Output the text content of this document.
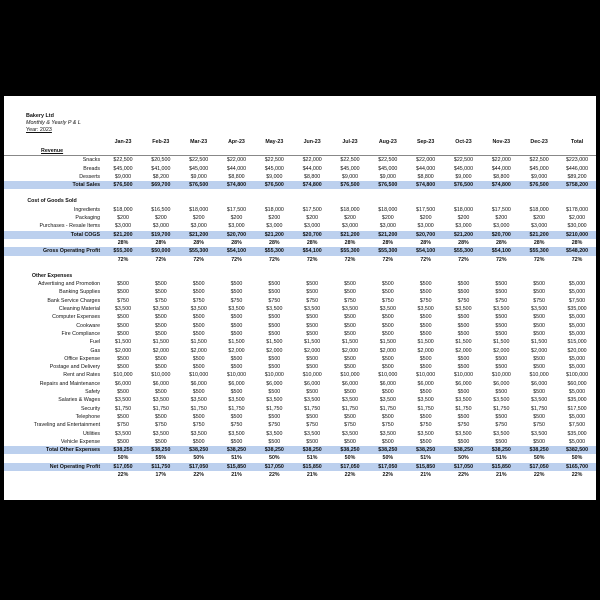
Bakery Ltd
Monthly & Yearly P & L
Year: 2023
	Jan-23	Feb-23	Mar-23	Apr-23	May-23	Jun-23	Jul-23	Aug-23	Sep-23	Oct-23	Nov-23	Dec-23	Total
Revenue													
Snacks	$22,500	$20,500	$22,500	$22,000	$22,500	$22,000	$22,500	$22,500	$22,000	$22,500	$22,000	$22,500	$223,000
Breads	$45,000	$41,000	$45,000	$44,000	$45,000	$44,000	$45,000	$45,000	$44,000	$45,000	$44,000	$45,000	$446,000
Desserts	$9,000	$8,200	$9,000	$8,800	$9,000	$8,800	$9,000	$9,000	$8,800	$9,000	$8,800	$9,000	$89,200
Total Sales	$76,500	$69,700	$76,500	$74,800	$76,500	$74,800	$76,500	$76,500	$74,800	$76,500	$74,800	$76,500	$758,200

Cost of Goods Sold													
Ingredients	$18,000	$16,500	$18,000	$17,500	$18,000	$17,500	$18,000	$18,000	$17,500	$18,000	$17,500	$18,000	$178,000
Packaging	$200	$200	$200	$200	$200	$200	$200	$200	$200	$200	$200	$200	$2,000
Purchases - Resale Items	$3,000	$3,000	$3,000	$3,000	$3,000	$3,000	$3,000	$3,000	$3,000	$3,000	$3,000	$3,000	$30,000
Total COGS	$21,200	$19,700	$21,200	$20,700	$21,200	$20,700	$21,200	$21,200	$20,700	$21,200	$20,700	$21,200	$210,000
	28%	28%	28%	28%	28%	28%	28%	28%	28%	28%	28%	28%	28%
Gross Operating Profit	$55,300	$50,000	$55,300	$54,100	$55,300	$54,100	$55,300	$55,300	$54,100	$55,300	$54,100	$55,300	$548,200
	72%	72%	72%	72%	72%	72%	72%	72%	72%	72%	72%	72%	72%

Other Expenses													
Advertising and Promotion	$500	$500	$500	$500	$500	$500	$500	$500	$500	$500	$500	$500	$5,000
Banking Supplies	$500	$500	$500	$500	$500	$500	$500	$500	$500	$500	$500	$500	$5,000
Bank Service Charges	$750	$750	$750	$750	$750	$750	$750	$750	$750	$750	$750	$750	$7,500
Cleaning Material	$3,500	$3,500	$3,500	$3,500	$3,500	$3,500	$3,500	$3,500	$3,500	$3,500	$3,500	$3,500	$35,000
Computer Expenses	$500	$500	$500	$500	$500	$500	$500	$500	$500	$500	$500	$500	$5,000
Cookware	$500	$500	$500	$500	$500	$500	$500	$500	$500	$500	$500	$500	$5,000
Fire Compliance	$500	$500	$500	$500	$500	$500	$500	$500	$500	$500	$500	$500	$5,000
Fuel	$1,500	$1,500	$1,500	$1,500	$1,500	$1,500	$1,500	$1,500	$1,500	$1,500	$1,500	$1,500	$15,000
Gas	$2,000	$2,000	$2,000	$2,000	$2,000	$2,000	$2,000	$2,000	$2,000	$2,000	$2,000	$2,000	$20,000
Office Expense	$500	$500	$500	$500	$500	$500	$500	$500	$500	$500	$500	$500	$5,000
Postage and Delivery	$500	$500	$500	$500	$500	$500	$500	$500	$500	$500	$500	$500	$5,000
Rent and Rates	$10,000	$10,000	$10,000	$10,000	$10,000	$10,000	$10,000	$10,000	$10,000	$10,000	$10,000	$10,000	$100,000
Repairs and Maintenance	$6,000	$6,000	$6,000	$6,000	$6,000	$6,000	$6,000	$6,000	$6,000	$6,000	$6,000	$6,000	$60,000
Safety	$500	$500	$500	$500	$500	$500	$500	$500	$500	$500	$500	$500	$5,000
Salaries & Wages	$3,500	$3,500	$3,500	$3,500	$3,500	$3,500	$3,500	$3,500	$3,500	$3,500	$3,500	$3,500	$35,000
Security	$1,750	$1,750	$1,750	$1,750	$1,750	$1,750	$1,750	$1,750	$1,750	$1,750	$1,750	$1,750	$17,500
Telephone	$500	$500	$500	$500	$500	$500	$500	$500	$500	$500	$500	$500	$5,000
Traveling and Entertainment	$750	$750	$750	$750	$750	$750	$750	$750	$750	$750	$750	$750	$7,500
Utilities	$3,500	$3,500	$3,500	$3,500	$3,500	$3,500	$3,500	$3,500	$3,500	$3,500	$3,500	$3,500	$35,000
Vehicle Expense	$500	$500	$500	$500	$500	$500	$500	$500	$500	$500	$500	$500	$5,000
Total Other Expenses	$38,250	$38,250	$38,250	$38,250	$38,250	$38,250	$38,250	$38,250	$38,250	$38,250	$38,250	$38,250	$382,500
	50%	55%	50%	51%	50%	51%	50%	50%	51%	50%	51%	50%	50%
Net Operating Profit	$17,050	$11,750	$17,050	$15,850	$17,050	$15,850	$17,050	$17,050	$15,850	$17,050	$15,850	$17,050	$165,700
	22%	17%	22%	21%	22%	21%	22%	22%	21%	22%	21%	22%	22%
